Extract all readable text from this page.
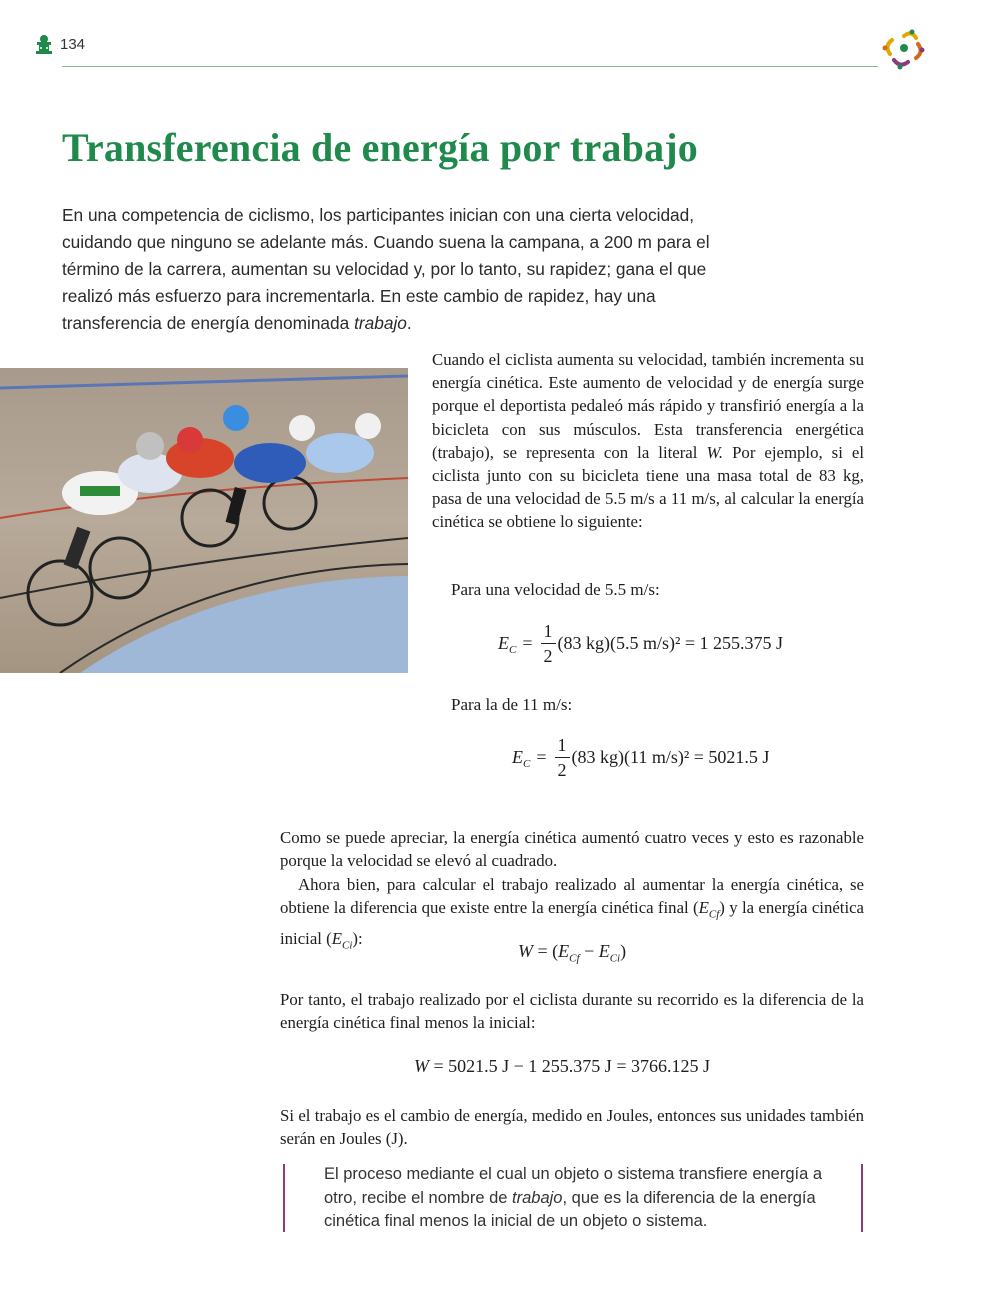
134
Transferencia de energía por trabajo
En una competencia de ciclismo, los participantes inician con una cierta velocidad, cuidando que ninguno se adelante más. Cuando suena la campana, a 200 m para el término de la carrera, aumentan su velocidad y, por lo tanto, su rapidez; gana el que realizó más esfuerzo para incrementarla. En este cambio de rapidez, hay una transferencia de energía denominada trabajo.
Cuando el ciclista aumenta su velocidad, también incrementa su energía cinética. Este aumento de velocidad y de energía surge porque el deportista pedaleó más rápido y transfirió energía a la bicicleta con sus músculos. Esta transferencia energética (trabajo), se representa con la literal W. Por ejemplo, si el ciclista junto con su bicicleta tiene una masa total de 83 kg, pasa de una velocidad de 5.5 m/s a 11 m/s, al calcular la energía cinética se obtiene lo siguiente:
Para una velocidad de 5.5 m/s:
E $_C = \frac{1}{2} (83$ kg)(5.5 m/s)² = 1 255.375 J
Para la de 11 m/s:
E $_C = \frac{1}{2} (83$ kg)(11 m/s)² = 5021.5 J
Como se puede apreciar, la energía cinética aumentó cuatro veces y esto es razonable porque la velocidad se elevó al cuadrado.
Ahora bien, para calcular el trabajo realizado al aumentar la energía cinética, se obtiene la diferencia que existe entre la energía cinética final $(E_{Cf})$ y la energía cinética inicial $(E_{Ci})$:
$W = (E_{Cf} - E_{Ci})$
Por tanto, el trabajo realizado por el ciclista durante su recorrido es la diferencia de la energía cinética final menos la inicial:
W = 5021.5 J − 1 255.375 J = 3766.125 J
Si el trabajo es el cambio de energía, medido en Joules, entonces sus unidades también serán en Joules (J).
El proceso mediante el cual un objeto o sistema transfiere energía a otro, recibe el nombre de trabajo, que es la diferencia de la energía cinética final menos la inicial de un objeto o sistema.
